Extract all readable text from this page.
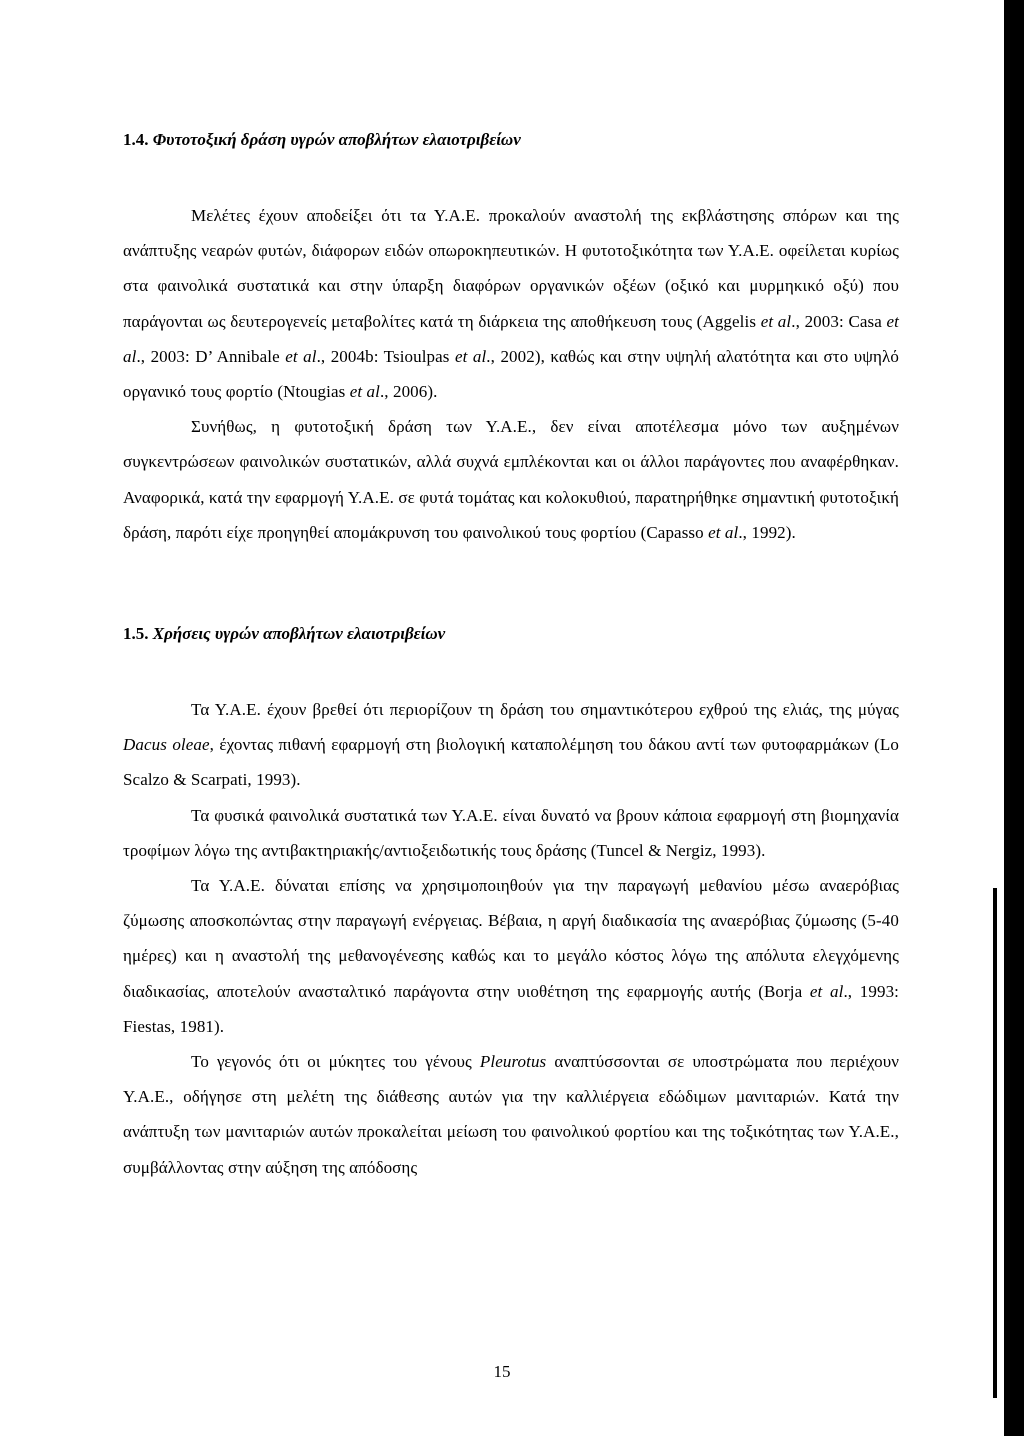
1.4. Φυτοτοξική δράση υγρών αποβλήτων ελαιοτριβείων

Μελέτες έχουν αποδείξει ότι τα Υ.Α.Ε. προκαλούν αναστολή της εκβλάστησης σπόρων και της ανάπτυξης νεαρών φυτών, διάφορων ειδών οπωροκηπευτικών. Η φυτοτοξικότητα των Υ.Α.Ε. οφείλεται κυρίως στα φαινολικά συστατικά και στην ύπαρξη διαφόρων οργανικών οξέων (οξικό και μυρμηκικό οξύ) που παράγονται ως δευτερογενείς μεταβολίτες κατά τη διάρκεια της αποθήκευση τους (Aggelis et al., 2003: Casa et al., 2003: D’ Annibale et al., 2004b: Tsioulpas et al., 2002), καθώς και στην υψηλή αλατότητα και στο υψηλό οργανικό τους φορτίο (Ntougias et al., 2006).

Συνήθως, η φυτοτοξική δράση των Υ.Α.Ε., δεν είναι αποτέλεσμα μόνο των αυξημένων συγκεντρώσεων φαινολικών συστατικών, αλλά συχνά εμπλέκονται και οι άλλοι παράγοντες που αναφέρθηκαν. Αναφορικά, κατά την εφαρμογή Υ.Α.Ε. σε φυτά τομάτας και κολοκυθιού, παρατηρήθηκε σημαντική φυτοτοξική δράση, παρότι είχε προηγηθεί απομάκρυνση του φαινολικού τους φορτίου (Capasso et al., 1992).

1.5. Χρήσεις υγρών αποβλήτων ελαιοτριβείων

Τα Υ.Α.Ε. έχουν βρεθεί ότι περιορίζουν τη δράση του σημαντικότερου εχθρού της ελιάς, της μύγας Dacus oleae, έχοντας πιθανή εφαρμογή στη βιολογική καταπολέμηση του δάκου αντί των φυτοφαρμάκων (Lo Scalzo & Scarpati, 1993).

Τα φυσικά φαινολικά συστατικά των Υ.Α.Ε. είναι δυνατό να βρουν κάποια εφαρμογή στη βιομηχανία τροφίμων λόγω της αντιβακτηριακής/αντιοξειδωτικής τους δράσης (Tuncel & Nergiz, 1993).

Τα Υ.Α.Ε. δύναται επίσης να χρησιμοποιηθούν για την παραγωγή μεθανίου μέσω αναερόβιας ζύμωσης αποσκοπώντας στην παραγωγή ενέργειας. Βέβαια, η αργή διαδικασία της αναερόβιας ζύμωσης (5-40 ημέρες) και η αναστολή της μεθανογένεσης καθώς και το μεγάλο κόστος λόγω της απόλυτα ελεγχόμενης διαδικασίας, αποτελούν ανασταλτικό παράγοντα στην υιοθέτηση της εφαρμογής αυτής (Borja et al., 1993: Fiestas, 1981).

Το γεγονός ότι οι μύκητες του γένους Pleurotus αναπτύσσονται σε υποστρώματα που περιέχουν Υ.Α.Ε., οδήγησε στη μελέτη της διάθεσης αυτών για την καλλιέργεια εδώδιμων μανιταριών. Κατά την ανάπτυξη των μανιταριών αυτών προκαλείται μείωση του φαινολικού φορτίου και της τοξικότητας των Υ.Α.Ε., συμβάλλοντας στην αύξηση της απόδοσης

15
